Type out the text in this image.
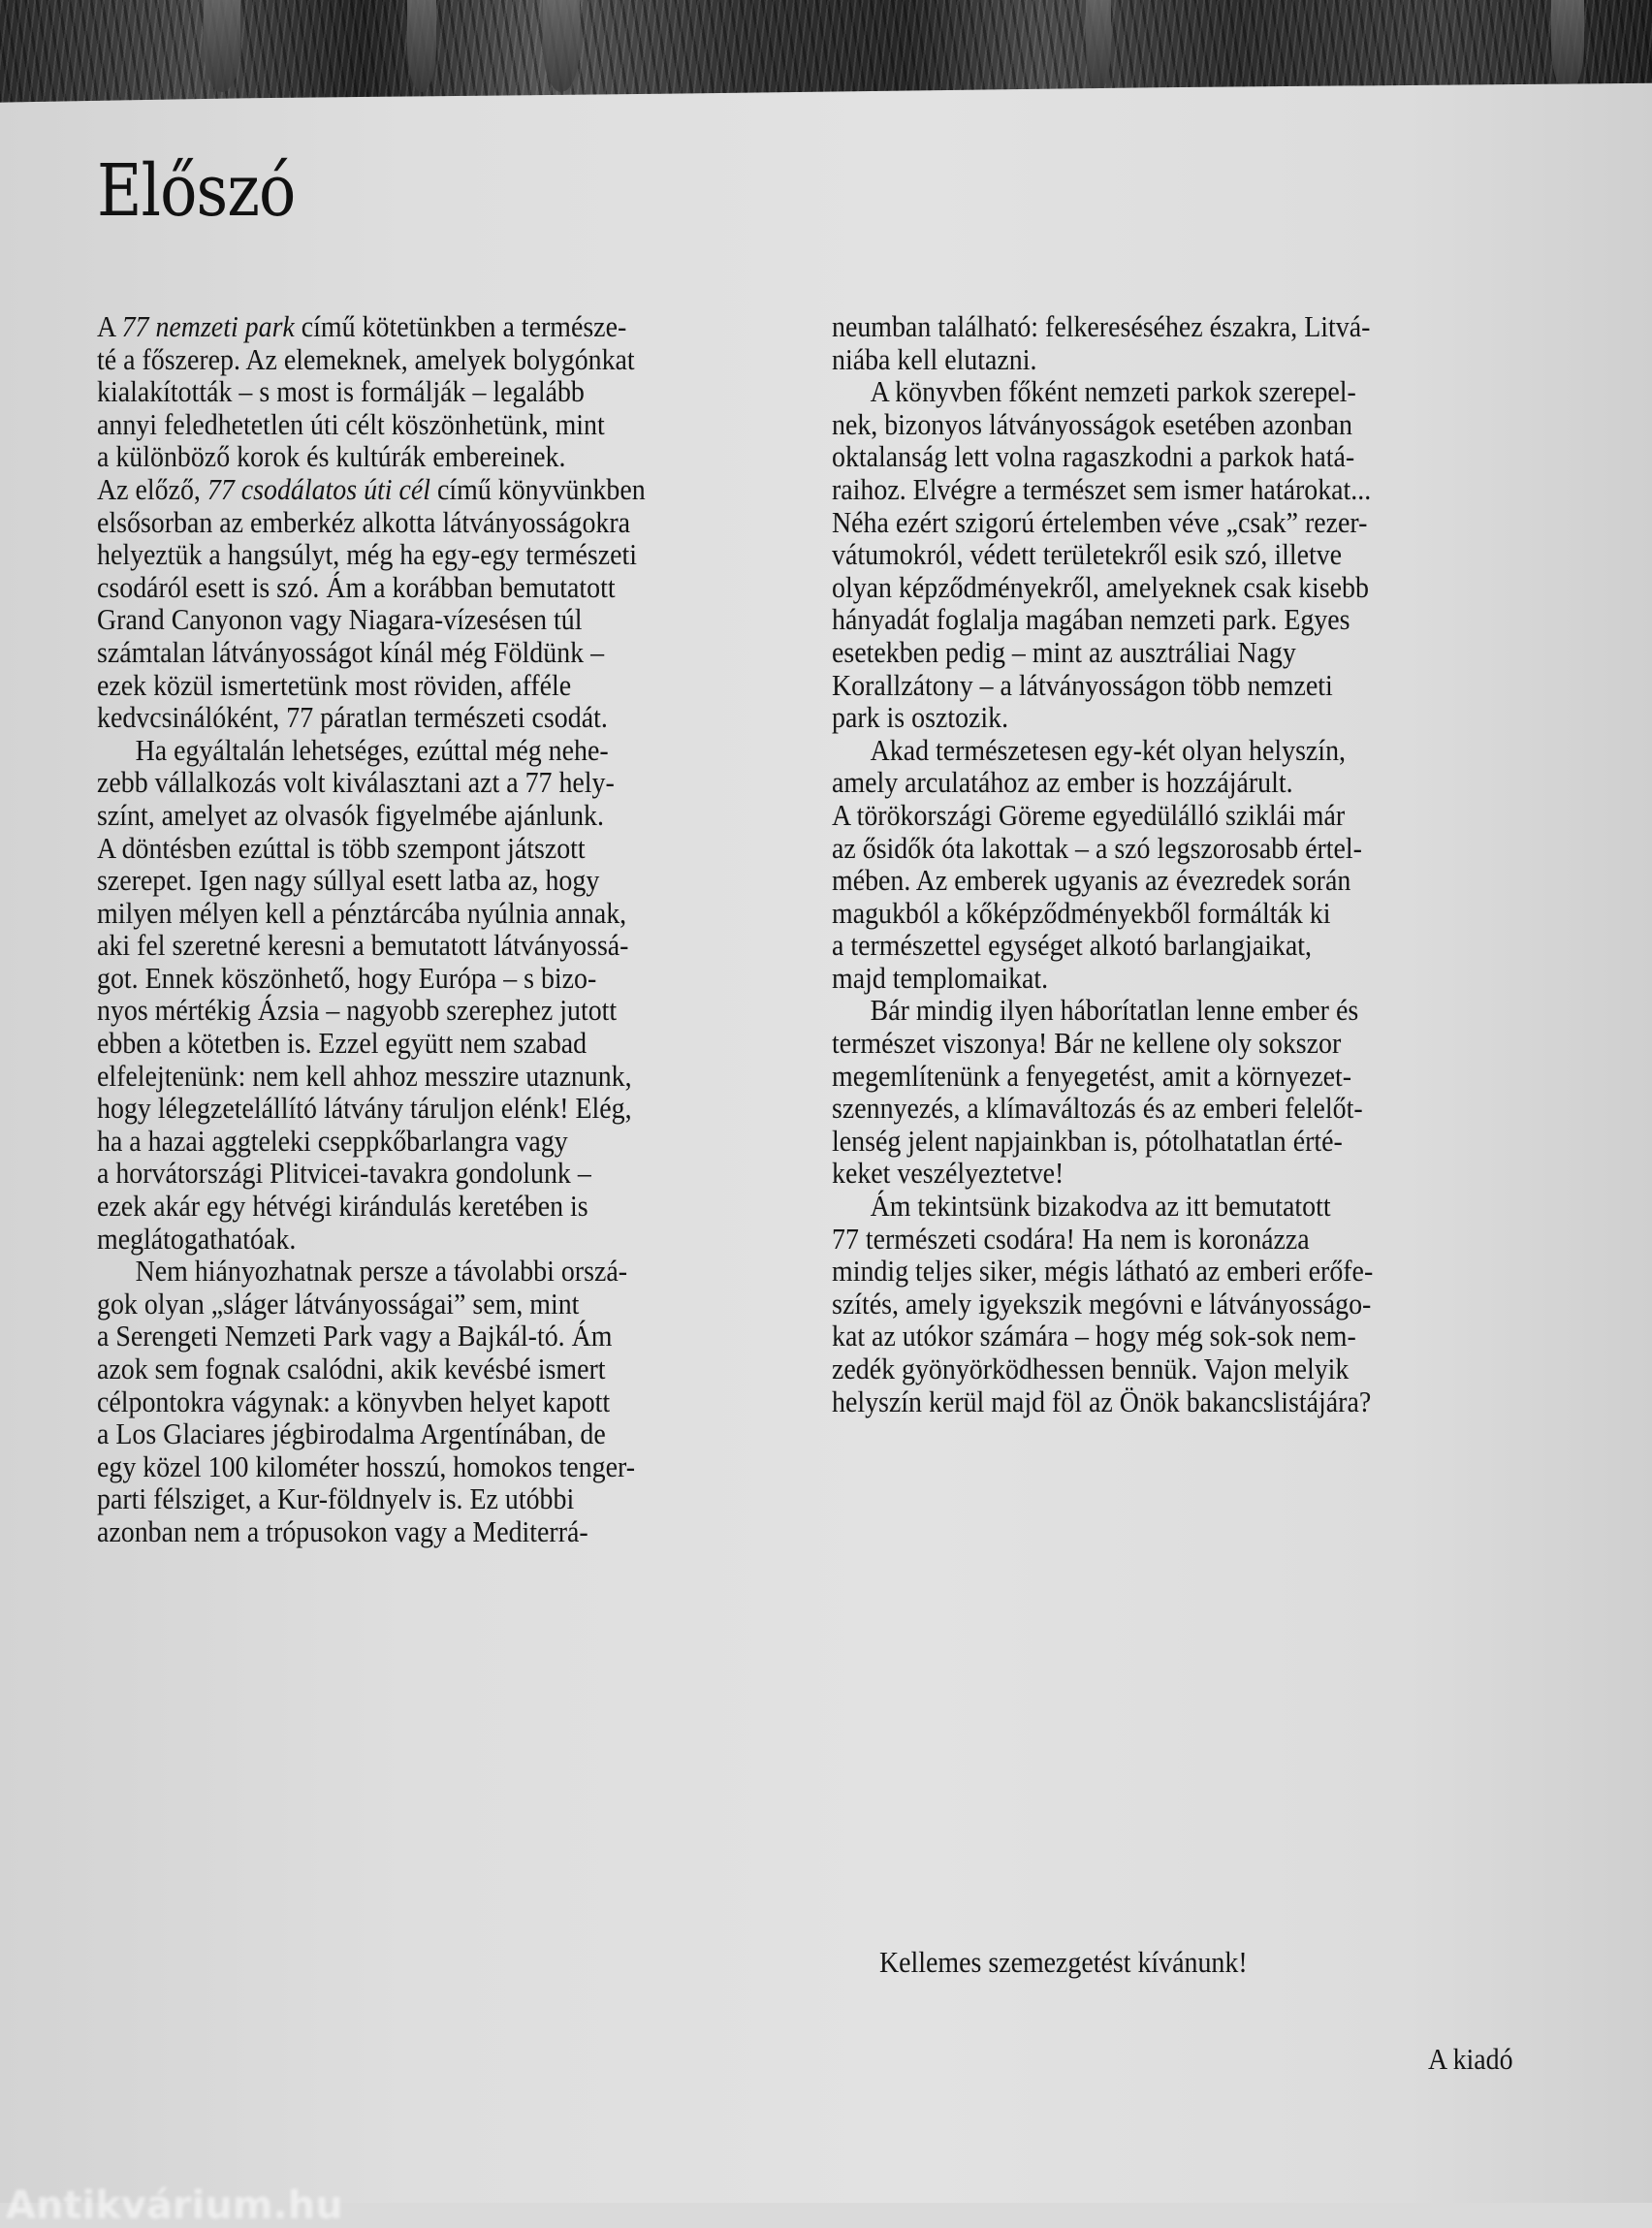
Előszó
A 77 nemzeti park című kötetünkben a természe-
té a főszerep. Az elemeknek, amelyek bolygónkat
kialakították – s most is formálják – legalább
annyi feledhetetlen úti célt köszönhetünk, mint
a különböző korok és kultúrák embereinek.
Az előző, 77 csodálatos úti cél című könyvünkben
elsősorban az emberkéz alkotta látványosságokra
helyeztük a hangsúlyt, még ha egy-egy természeti
csodáról esett is szó. Ám a korábban bemutatott
Grand Canyonon vagy Niagara-vízesésen túl
számtalan látványosságot kínál még Földünk –
ezek közül ismertetünk most röviden, afféle
kedvcsinálóként, 77 páratlan természeti csodát.
Ha egyáltalán lehetséges, ezúttal még nehe-
zebb vállalkozás volt kiválasztani azt a 77 hely-
színt, amelyet az olvasók figyelmébe ajánlunk.
A döntésben ezúttal is több szempont játszott
szerepet. Igen nagy súllyal esett latba az, hogy
milyen mélyen kell a pénztárcába nyúlnia annak,
aki fel szeretné keresni a bemutatott látványossá-
got. Ennek köszönhető, hogy Európa – s bizo-
nyos mértékig Ázsia – nagyobb szerephez jutott
ebben a kötetben is. Ezzel együtt nem szabad
elfelejtenünk: nem kell ahhoz messzire utaznunk,
hogy lélegzetelállító látvány táruljon elénk! Elég,
ha a hazai aggteleki cseppkőbarlangra vagy
a horvátországi Plitvicei-tavakra gondolunk –
ezek akár egy hétvégi kirándulás keretében is
meglátogathatóak.
Nem hiányozhatnak persze a távolabbi orszá-
gok olyan „sláger látványosságai” sem, mint
a Serengeti Nemzeti Park vagy a Bajkál-tó. Ám
azok sem fognak csalódni, akik kevésbé ismert
célpontokra vágynak: a könyvben helyet kapott
a Los Glaciares jégbirodalma Argentínában, de
egy közel 100 kilométer hosszú, homokos tenger-
parti félsziget, a Kur-földnyelv is. Ez utóbbi
azonban nem a trópusokon vagy a Mediterrá-
neumban található: felkereséséhez északra, Litvá-
niába kell elutazni.
A könyvben főként nemzeti parkok szerepel-
nek, bizonyos látványosságok esetében azonban
oktalanság lett volna ragaszkodni a parkok hatá-
raihoz. Elvégre a természet sem ismer határokat...
Néha ezért szigorú értelemben véve „csak” rezer-
vátumokról, védett területekről esik szó, illetve
olyan képződményekről, amelyeknek csak kisebb
hányadát foglalja magában nemzeti park. Egyes
esetekben pedig – mint az ausztráliai Nagy
Korallzátony – a látványosságon több nemzeti
park is osztozik.
Akad természetesen egy-két olyan helyszín,
amely arculatához az ember is hozzájárult.
A törökországi Göreme egyedülálló sziklái már
az ősidők óta lakottak – a szó legszorosabb értel-
mében. Az emberek ugyanis az évezredek során
magukból a kőképződményekből formálták ki
a természettel egységet alkotó barlangjaikat,
majd templomaikat.
Bár mindig ilyen háborítatlan lenne ember és
természet viszonya! Bár ne kellene oly sokszor
megemlítenünk a fenyegetést, amit a környezet-
szennyezés, a klímaváltozás és az emberi felelőt-
lenség jelent napjainkban is, pótolhatatlan érté-
keket veszélyeztetve!
Ám tekintsünk bizakodva az itt bemutatott
77 természeti csodára! Ha nem is koronázza
mindig teljes siker, mégis látható az emberi erőfe-
szítés, amely igyekszik megóvni e látványosságo-
kat az utókor számára – hogy még sok-sok nem-
zedék gyönyörködhessen bennük. Vajon melyik
helyszín kerül majd föl az Önök bakancslistájára?
Kellemes szemezgetést kívánunk!
A kiadó
Antikvárium.hu
